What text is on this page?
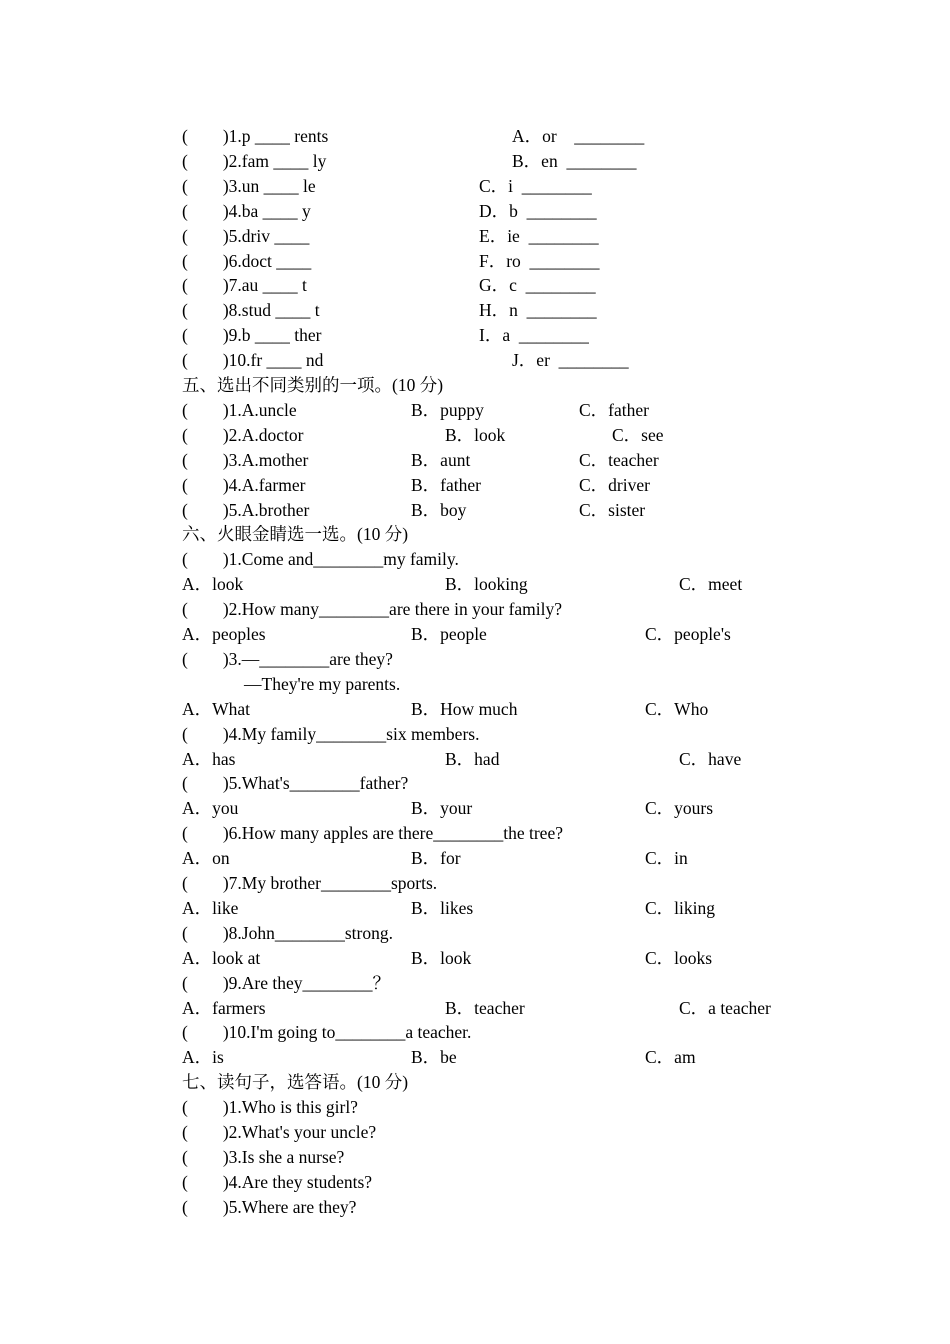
(        )1.p ____ rents	A．or    ________
(        )2.fam ____ ly	B．en  ________
(        )3.un ____ le	C．i  ________
(        )4.ba ____ y	D．b  ________
(        )5.driv ____	E．ie  ________
(        )6.doct ____	F．ro  ________
(        )7.au ____ t	G．c  ________
(        )8.stud ____ t	H．n  ________
(        )9.b ____ ther	I．a  ________
(        )10.fr ____ nd	J．er  ________
五、选出不同类别的一项。(10 分)
(        )1.A.uncle	B．puppy	C．father
(        )2.A.doctor	B．look	C．see
(        )3.A.mother	B．aunt	C．teacher
(        )4.A.farmer	B．father	C．driver
(        )5.A.brother	B．boy	C．sister
六、火眼金睛选一选。(10 分)
(        )1.Come and________my family.
A．look	B．looking	C．meet
(        )2.How many________are there in your family?
A．peoples	B．people	C．people's
(        )3.—________are they?
—They're my parents.
A．What	B．How much	C．Who
(        )4.My family________six members.
A．has	B．had	C．have
(        )5.What's________father?
A．you	B．your	C．yours
(        )6.How many apples are there________the tree?
A．on	B．for	C．in
(        )7.My brother________sports.
A．like	B．likes	C．liking
(        )8.John________strong.
A．look at	B．look	C．looks
(        )9.Are they________？
A．farmers	B．teacher	C．a teacher
(        )10.I'm going to________a teacher.
A．is	B．be	C．am
七、读句子，选答语。(10 分)
(        )1.Who is this girl?
(        )2.What's your uncle?
(        )3.Is she a nurse?
(        )4.Are they students?
(        )5.Where are they?
